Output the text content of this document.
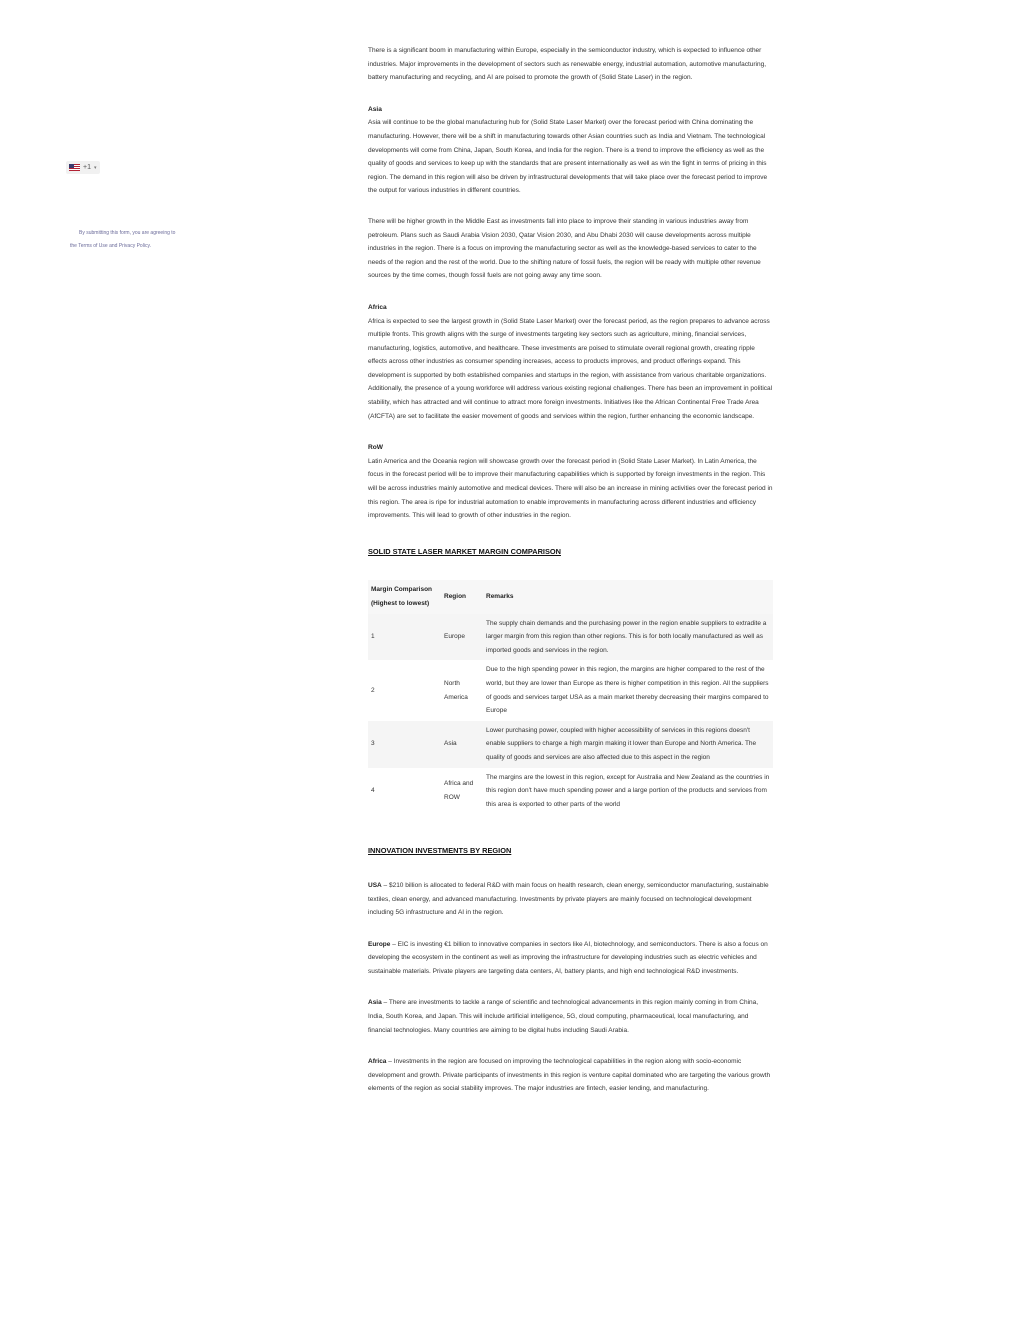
+1 ▾
By submitting this form, you are agreeing to
the Terms of Use and Privacy Policy.

There is a significant boom in manufacturing within Europe, especially in the semiconductor industry, which is expected to influence other industries. Major improvements in the development of sectors such as renewable energy, industrial automation, automotive manufacturing, battery manufacturing and recycling, and AI are poised to promote the growth of (Solid State Laser) in the region.

Asia

Asia will continue to be the global manufacturing hub for (Solid State Laser Market) over the forecast period with China dominating the manufacturing. However, there will be a shift in manufacturing towards other Asian countries such as India and Vietnam. The technological developments will come from China, Japan, South Korea, and India for the region. There is a trend to improve the efficiency as well as the quality of goods and services to keep up with the standards that are present internationally as well as win the fight in terms of pricing in this region. The demand in this region will also be driven by infrastructural developments that will take place over the forecast period to improve the output for various industries in different countries.

There will be higher growth in the Middle East as investments fall into place to improve their standing in various industries away from petroleum. Plans such as Saudi Arabia Vision 2030, Qatar Vision 2030, and Abu Dhabi 2030 will cause developments across multiple industries in the region. There is a focus on improving the manufacturing sector as well as the knowledge-based services to cater to the needs of the region and the rest of the world. Due to the shifting nature of fossil fuels, the region will be ready with multiple other revenue sources by the time comes, though fossil fuels are not going away any time soon.

Africa

Africa is expected to see the largest growth in (Solid State Laser Market) over the forecast period, as the region prepares to advance across multiple fronts. This growth aligns with the surge of investments targeting key sectors such as agriculture, mining, financial services, manufacturing, logistics, automotive, and healthcare. These investments are poised to stimulate overall regional growth, creating ripple effects across other industries as consumer spending increases, access to products improves, and product offerings expand. This development is supported by both established companies and startups in the region, with assistance from various charitable organizations. Additionally, the presence of a young workforce will address various existing regional challenges. There has been an improvement in political stability, which has attracted and will continue to attract more foreign investments. Initiatives like the African Continental Free Trade Area (AfCFTA) are set to facilitate the easier movement of goods and services within the region, further enhancing the economic landscape.

RoW

Latin America and the Oceania region will showcase growth over the forecast period in (Solid State Laser Market). In Latin America, the focus in the forecast period will be to improve their manufacturing capabilities which is supported by foreign investments in the region. This will be across industries mainly automotive and medical devices. There will also be an increase in mining activities over the forecast period in this region. The area is ripe for industrial automation to enable improvements in manufacturing across different industries and efficiency improvements. This will lead to growth of other industries in the region.

SOLID STATE LASER MARKET MARGIN COMPARISON

Margin Comparison (Highest to lowest)	Region	Remarks
1	Europe	The supply chain demands and the purchasing power in the region enable suppliers to extradite a larger margin from this region than other regions. This is for both locally manufactured as well as imported goods and services in the region.
2	North America	Due to the high spending power in this region, the margins are higher compared to the rest of the world, but they are lower than Europe as there is higher competition in this region. All the suppliers of goods and services target USA as a main market thereby decreasing their margins compared to Europe
3	Asia	Lower purchasing power, coupled with higher accessibility of services in this regions doesn't enable suppliers to charge a high margin making it lower than Europe and North America. The quality of goods and services are also affected due to this aspect in the region
4	Africa and ROW	The margins are the lowest in this region, except for Australia and New Zealand as the countries in this region don't have much spending power and a large portion of the products and services from this area is exported to other parts of the world

INNOVATION INVESTMENTS BY REGION

USA – $210 billion is allocated to federal R&D with main focus on health research, clean energy, semiconductor manufacturing, sustainable textiles, clean energy, and advanced manufacturing. Investments by private players are mainly focused on technological development including 5G infrastructure and AI in the region.

Europe – EIC is investing €1 billion to innovative companies in sectors like AI, biotechnology, and semiconductors. There is also a focus on developing the ecosystem in the continent as well as improving the infrastructure for developing industries such as electric vehicles and sustainable materials. Private players are targeting data centers, AI, battery plants, and high end technological R&D investments.

Asia – There are investments to tackle a range of scientific and technological advancements in this region mainly coming in from China, India, South Korea, and Japan. This will include artificial intelligence, 5G, cloud computing, pharmaceutical, local manufacturing, and financial technologies. Many countries are aiming to be digital hubs including Saudi Arabia.

Africa – Investments in the region are focused on improving the technological capabilities in the region along with socio-economic development and growth. Private participants of investments in this region is venture capital dominated who are targeting the various growth elements of the region as social stability improves. The major industries are fintech, easier lending, and manufacturing.
